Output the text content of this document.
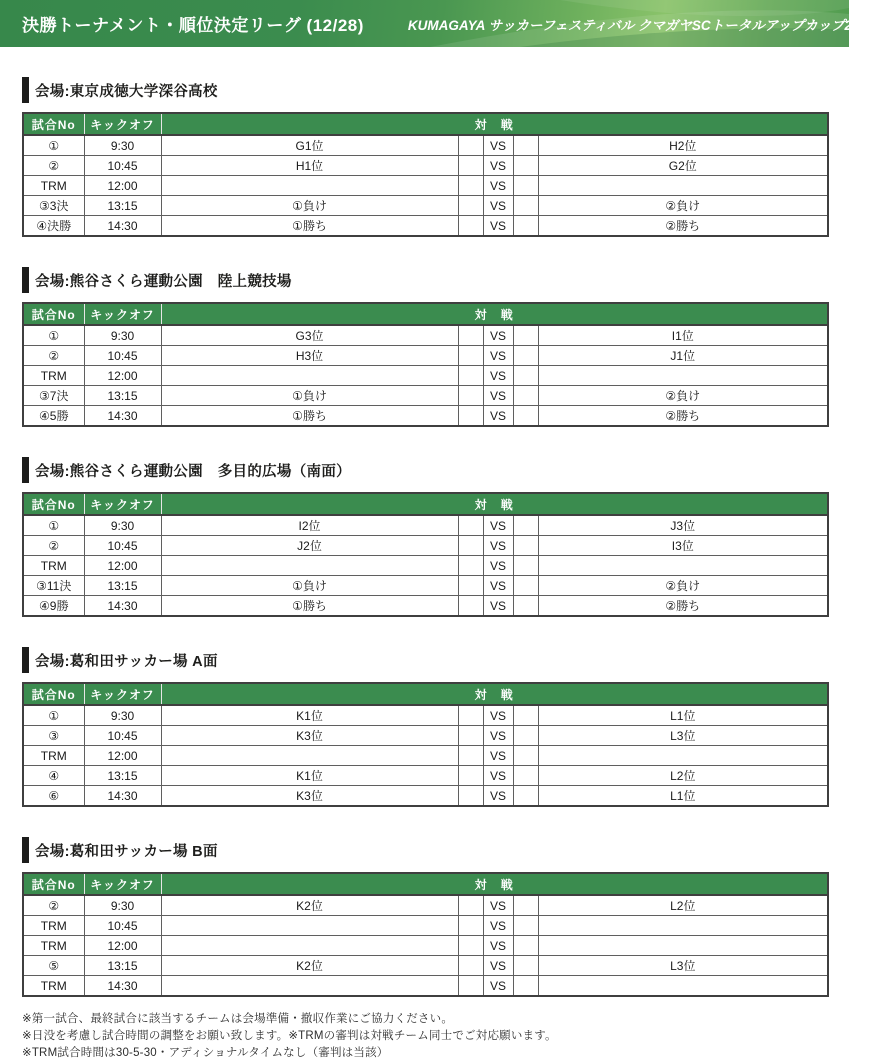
決勝トーナメント・順位決定リーグ (12/28)	KUMAGAYA サッカーフェスティバル クマガヤSCトータルアップカップ2025
会場:東京成徳大学深谷高校
試合No	キックオフ	対　戦				
①	9:30	G1位		VS		H2位
②	10:45	H1位		VS		G2位
TRM	12:00			VS		
③3決	13:15	①負け		VS		②負け
④決勝	14:30	①勝ち		VS		②勝ち
会場:熊谷さくら運動公園　陸上競技場
試合No	キックオフ	対　戦				
①	9:30	G3位		VS		I1位
②	10:45	H3位		VS		J1位
TRM	12:00			VS		
③7決	13:15	①負け		VS		②負け
④5勝	14:30	①勝ち		VS		②勝ち
会場:熊谷さくら運動公園　多目的広場（南面）
試合No	キックオフ	対　戦				
①	9:30	I2位		VS		J3位
②	10:45	J2位		VS		I3位
TRM	12:00			VS		
③11決	13:15	①負け		VS		②負け
④9勝	14:30	①勝ち		VS		②勝ち
会場:葛和田サッカー場 A面
試合No	キックオフ	対　戦				
①	9:30	K1位		VS		L1位
③	10:45	K3位		VS		L3位
TRM	12:00			VS		
④	13:15	K1位		VS		L2位
⑥	14:30	K3位		VS		L1位
会場:葛和田サッカー場 B面
試合No	キックオフ	対　戦				
②	9:30	K2位		VS		L2位
TRM	10:45			VS		
TRM	12:00			VS		
⑤	13:15	K2位		VS		L3位
TRM	14:30			VS		

※第一試合、最終試合に該当するチームは会場準備・撤収作業にご協力ください。

※日没を考慮し試合時間の調整をお願い致します。※TRMの審判は対戦チーム同士でご対応願います。

※TRM試合時間は30-5-30・アディショナルタイムなし（審判は当該）
